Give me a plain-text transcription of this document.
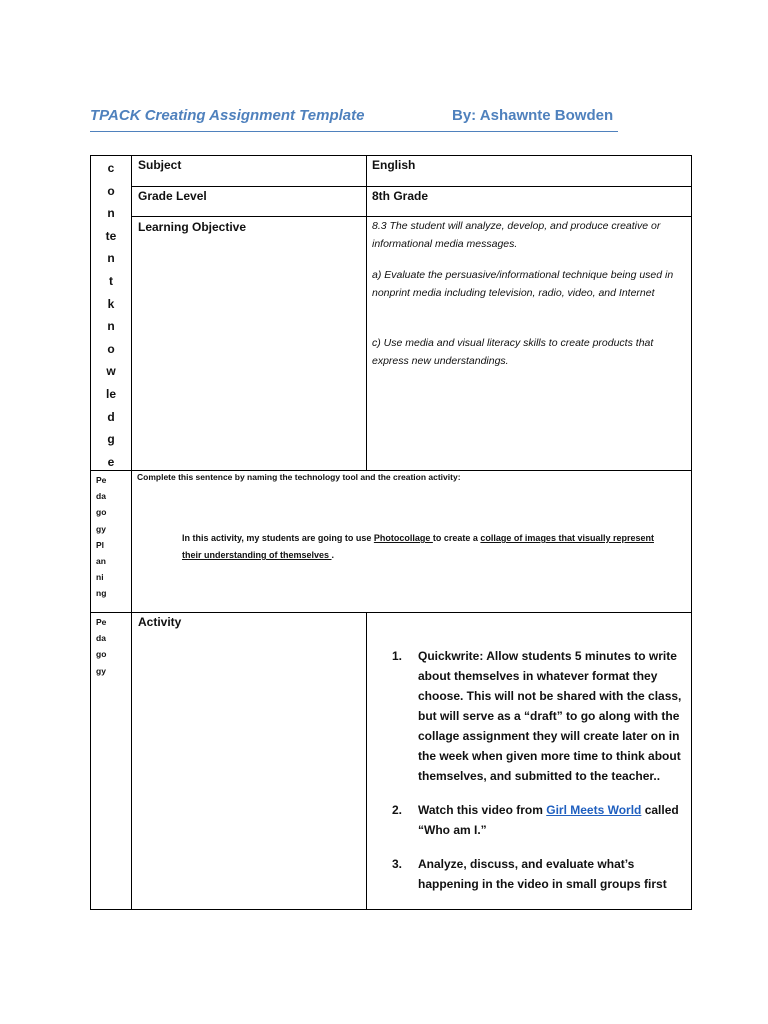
TPACK Creating Assignment Template	By: Ashawnte Bowden
c
o
n
te
n
t
k
n
o
w
le
d
g
e
Subject	English
Grade Level	8th Grade
Learning Objective	8.3 The student will analyze, develop, and produce creative or informational media messages.

a) Evaluate the persuasive/informational technique being used in nonprint media including television, radio, video, and Internet

c) Use media and visual literacy skills to create products that express new understandings.

Pe
da
go
gy
Pl
an
ni
ng
Complete this sentence by naming the technology tool and the creation activity:
In this activity, my students are going to use Photocollage to create a collage of images that visually represent their understanding of themselves .
Pe
da
go
gy
Activity
1. Quickwrite: Allow students 5 minutes to write about themselves in whatever format they choose. This will not be shared with the class, but will serve as a “draft” to go along with the collage assignment they will create later on in the week when given more time to think about themselves, and submitted to the teacher..
2. Watch this video from Girl Meets World called “Who am I.”
3. Analyze, discuss, and evaluate what’s happening in the video in small groups first
